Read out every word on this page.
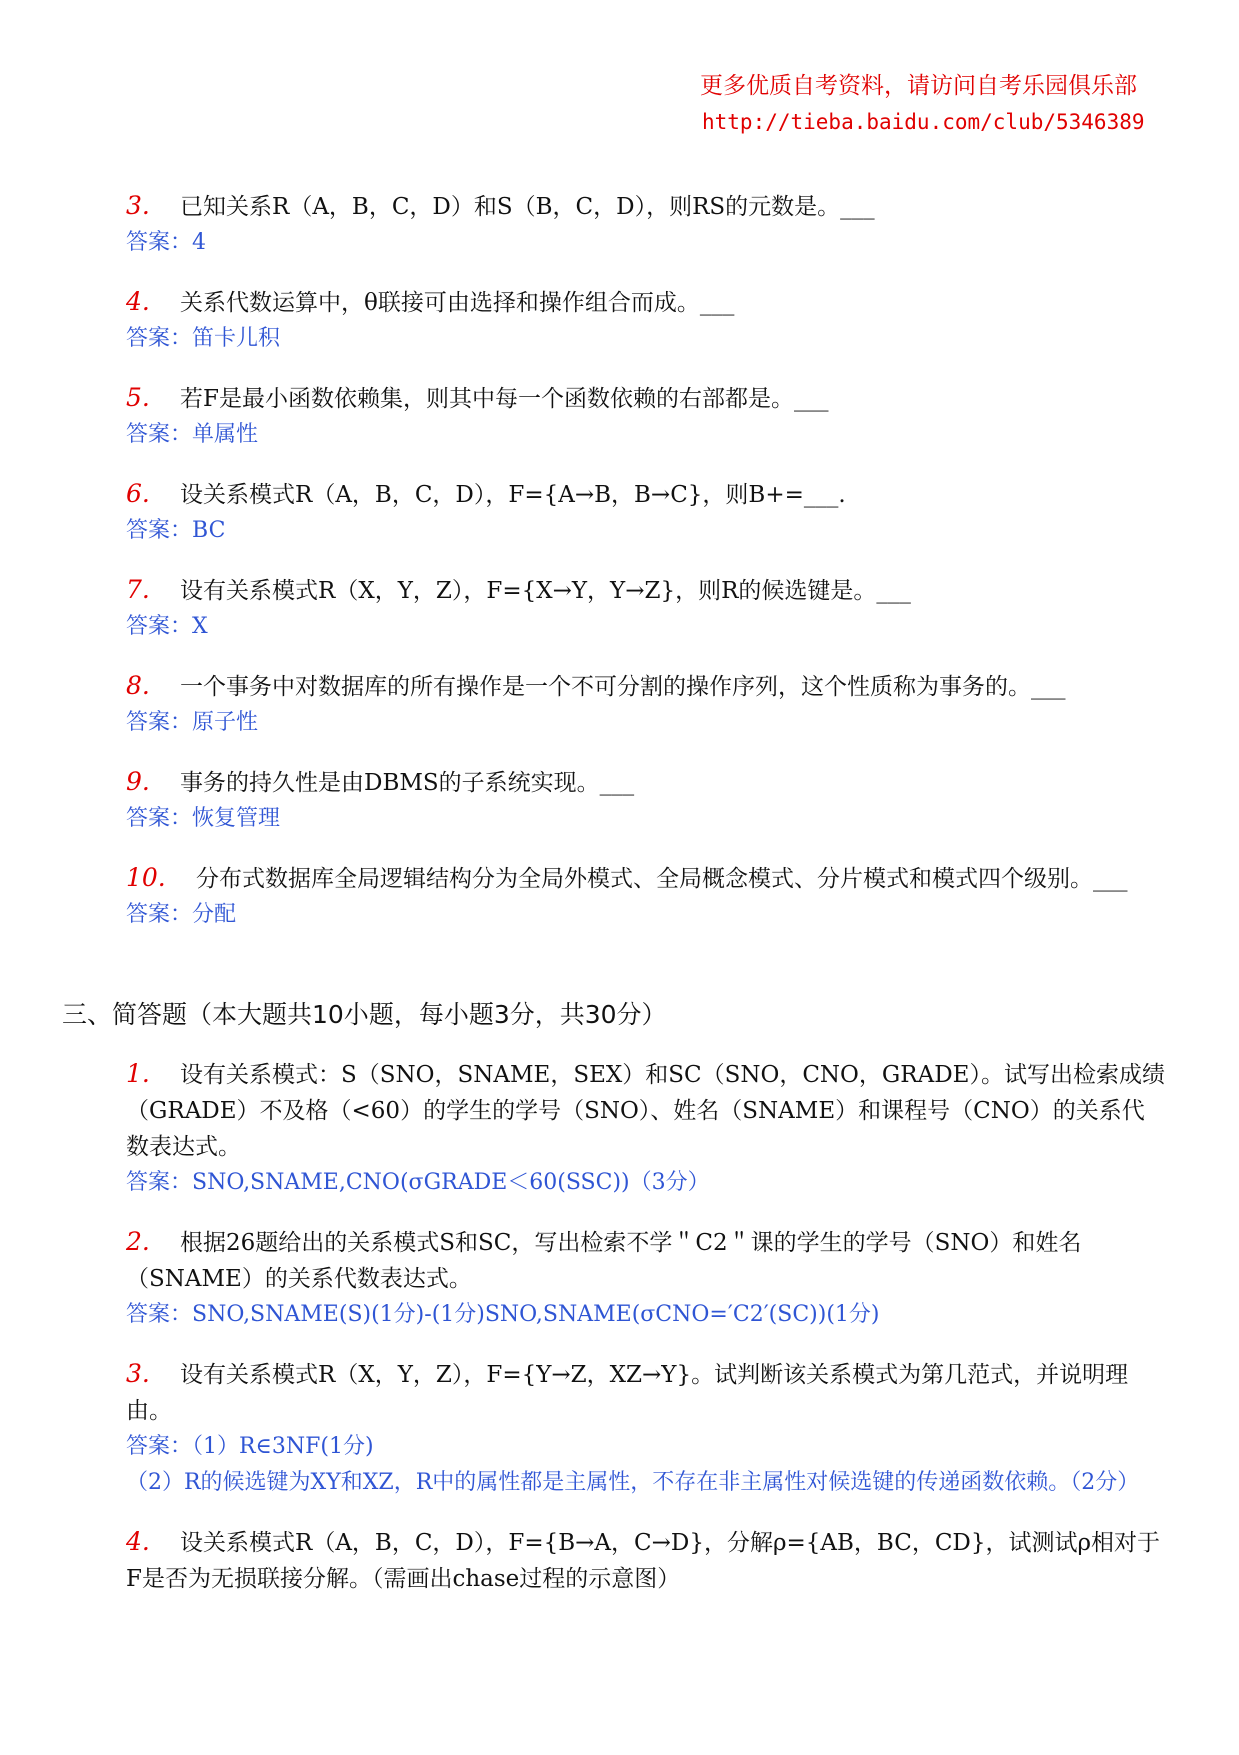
更多优质自考资料，请访问自考乐园俱乐部
http://tieba.baidu.com/club/5346389

3. 已知关系R（A，B，C，D）和S（B，C，D），则RS的元数是。___

答案：4

4. 关系代数运算中，θ联接可由选择和操作组合而成。___

答案：笛卡儿积

5. 若F是最小函数依赖集，则其中每一个函数依赖的右部都是。___

答案：单属性

6. 设关系模式R（A，B，C，D），F={A→B，B→C}，则B+=___.

答案：BC

7. 设有关系模式R（X，Y，Z），F={X→Y，Y→Z}，则R的候选键是。___

答案：X

8. 一个事务中对数据库的所有操作是一个不可分割的操作序列，这个性质称为事务的。___

答案：原子性

9. 事务的持久性是由DBMS的子系统实现。___

答案：恢复管理

10. 分布式数据库全局逻辑结构分为全局外模式、全局概念模式、分片模式和模式四个级别。___

答案：分配

三、简答题（本大题共10小题，每小题3分，共30分）

1. 设有关系模式：S（SNO，SNAME，SEX）和SC（SNO，CNO，GRADE）。试写出检索成绩（GRADE）不及格（<60）的学生的学号（SNO）、姓名（SNAME）和课程号（CNO）的关系代数表达式。

答案：SNO,SNAME,CNO(σGRADE＜60(SSC))（3分）

2. 根据26题给出的关系模式S和SC，写出检索不学＂C2＂课的学生的学号（SNO）和姓名（SNAME）的关系代数表达式。

答案：SNO,SNAME(S)(1分)-(1分)SNO,SNAME(σCNO=′C2′(SC))(1分)

3. 设有关系模式R（X，Y，Z），F={Y→Z，XZ→Y}。试判断该关系模式为第几范式，并说明理由。

答案：（1）R∈3NF(1分)

（2）R的候选键为XY和XZ，R中的属性都是主属性，不存在非主属性对候选键的传递函数依赖。（2分）

4. 设关系模式R（A，B，C，D），F={B→A，C→D}，分解ρ={AB，BC，CD}，试测试ρ相对于F是否为无损联接分解。（需画出chase过程的示意图）
